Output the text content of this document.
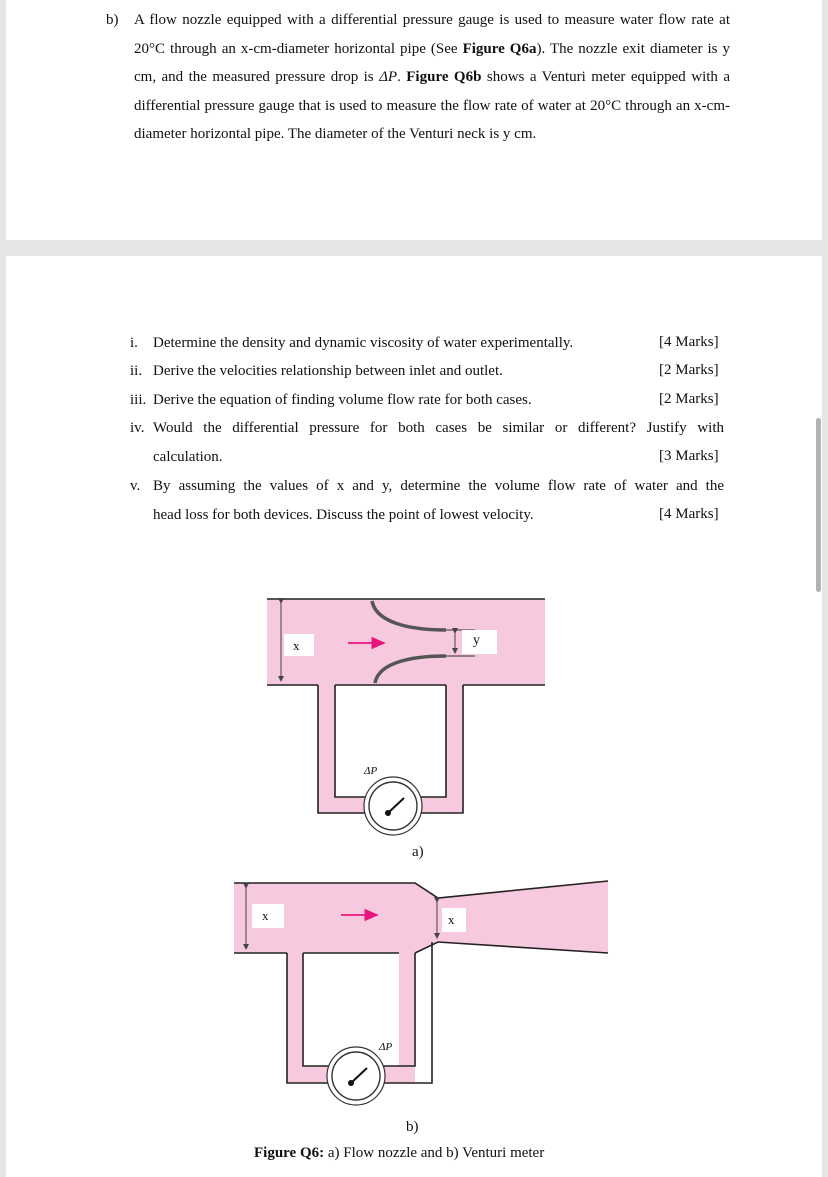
b) A flow nozzle equipped with a differential pressure gauge is used to measure water flow rate at 20°C through an x-cm-diameter horizontal pipe (See Figure Q6a). The nozzle exit diameter is y cm, and the measured pressure drop is ΔP. Figure Q6b shows a Venturi meter equipped with a differential pressure gauge that is used to measure the flow rate of water at 20°C through an x-cm-diameter horizontal pipe. The diameter of the Venturi neck is y cm.
i. Determine the density and dynamic viscosity of water experimentally.	[4 Marks]
ii. Derive the velocities relationship between inlet and outlet.	[2 Marks]
iii. Derive the equation of finding volume flow rate for both cases.	[2 Marks]
iv. Would the differential pressure for both cases be similar or different? Justify with
calculation.	[3 Marks]
v. By assuming the values of x and y, determine the volume flow rate of water and the
head loss for both devices. Discuss the point of lowest velocity.	[4 Marks]
x	y
ΔP
a)
x	x
ΔP
b)
Figure Q6: a) Flow nozzle and b) Venturi meter
